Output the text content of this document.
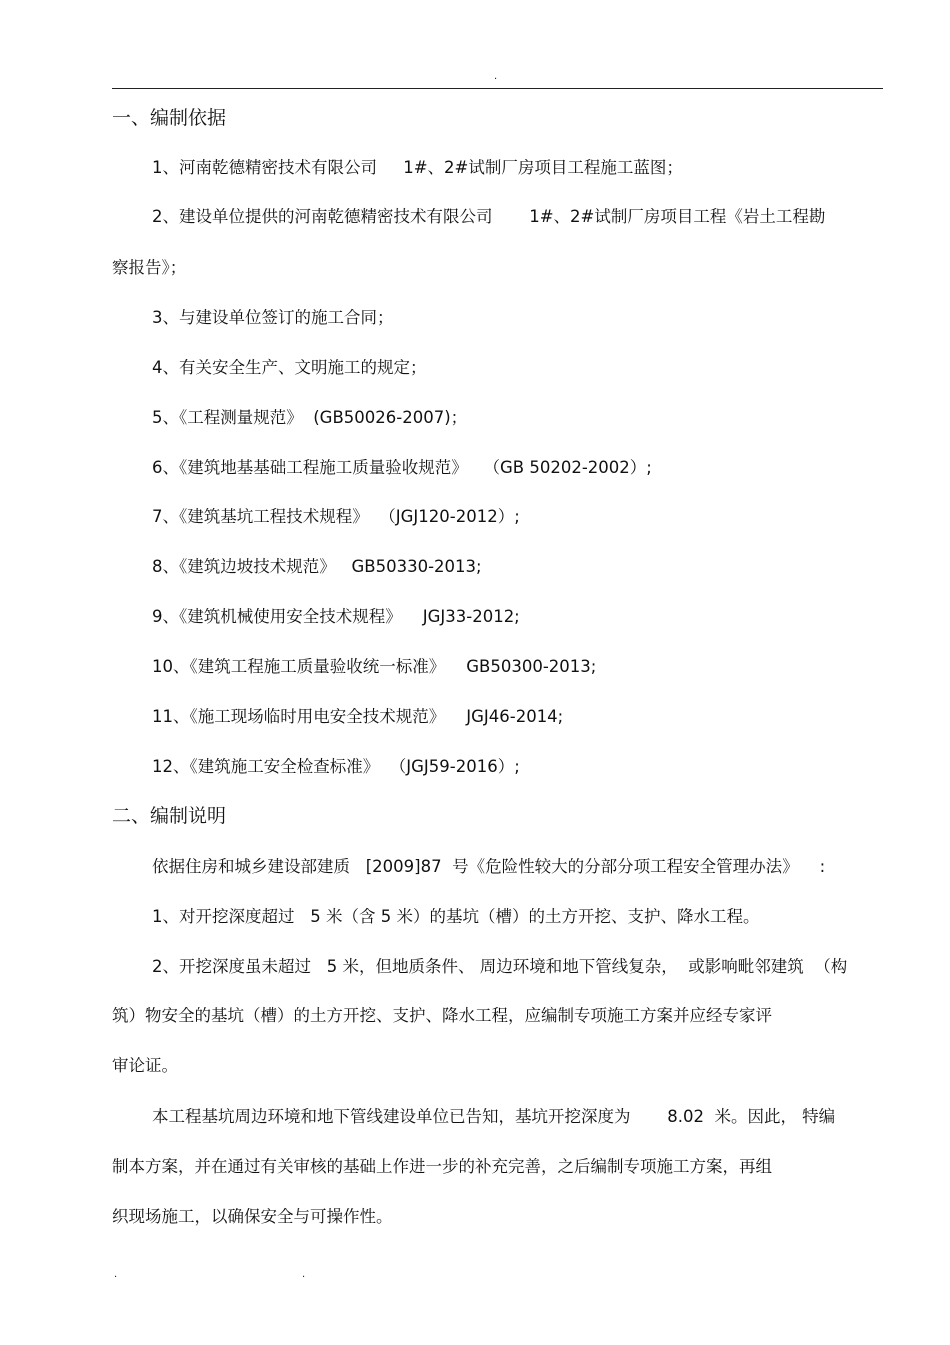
.
一、编制依据
1、河南乾德精密技术有限公司     1#、2#试制厂房项目工程施工蓝图；
2、建设单位提供的河南乾德精密技术有限公司       1#、2#试制厂房项目工程《岩土工程勘
察报告》；
3、与建设单位签订的施工合同；
4、有关安全生产、文明施工的规定；
5、《工程测量规范》  (GB50026-2007)；
6、《建筑地基基础工程施工质量验收规范》   （GB 50202-2002）;
7、《建筑基坑工程技术规程》  （JGJ120-2012）;
8、《建筑边坡技术规范》   GB50330-2013;
9、《建筑机械使用安全技术规程》    JGJ33-2012;
10、《建筑工程施工质量验收统一标准》    GB50300-2013;
11、《施工现场临时用电安全技术规范》    JGJ46-2014;
12、《建筑施工安全检查标准》  （JGJ59-2016）;
二、编制说明
依据住房和城乡建设部建质   [2009]87  号《危险性较大的分部分项工程安全管理办法》    :
1、对开挖深度超过   5 米（含 5 米）的基坑（槽）的土方开挖、支护、降水工程。
2、开挖深度虽未超过   5 米，但地质条件、 周边环境和地下管线复杂，  或影响毗邻建筑  （构
筑）物安全的基坑（槽）的土方开挖、支护、降水工程，应编制专项施工方案并应经专家评
审论证。
本工程基坑周边环境和地下管线建设单位已告知，基坑开挖深度为       8.02  米。因此， 特编
制本方案，并在通过有关审核的基础上作进一步的补充完善，之后编制专项施工方案，再组
织现场施工，以确保安全与可操作性。
.	.
